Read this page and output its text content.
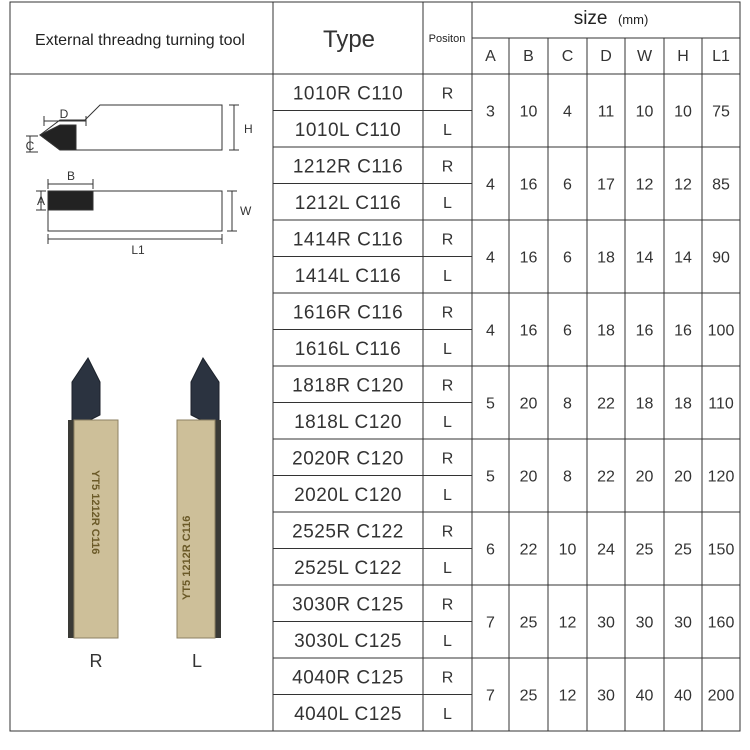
External threadng turning tool	Type	Positon
size (mm)
A B C D W H L1
1010R C110 R
1010L C110	L
3 10 4 11 10 10 75
1212R C116 R
1212L C116	L
4 16 6 17 12 12 85
1414R C116 R
1414L C116	L
4 16 6 18 14 14 90
1616R C116 R
1616L C116	L
4 16 6 18 16 16 100
1818R C120 R
1818L C120	L
5 20 8 22 18 18 110
2020R C120 R
2020L C120	L
5 20 8 22 20 20 120
2525R C122 R
2525L C122	L
6 22 10 24 25 25 150
3030R C125 R
3030L C125	L
7 25 12 30 30 30 160
4040R C125 R
4040L C125	L
7 25 12 30 40 40 200
D
C
H
B
A
W
L1
YT5 1212R C116
R
YT5 1212R C116
L
